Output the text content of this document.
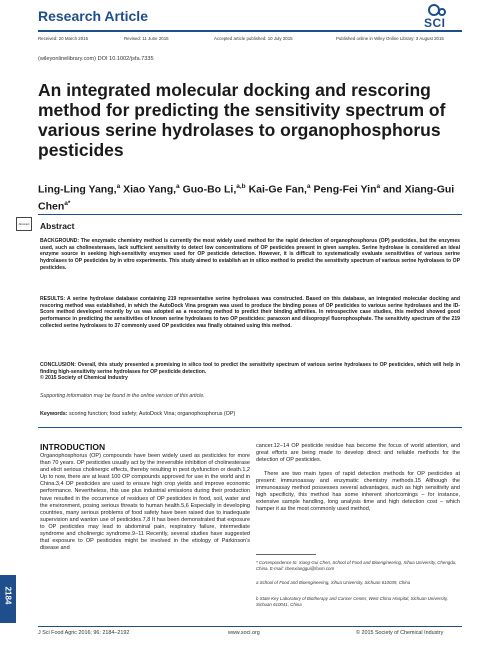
Research Article	SCI
Received: 20 March 2015	Revised: 11 June 2015	Accepted article published: 10 July 2015	Published online in Wiley Online Library: 3 August 2015
(wileyonlinelibrary.com) DOI 10.1002/jsfa.7335
An integrated molecular docking and rescoring method for predicting the sensitivity spectrum of various serine hydrolases to organophosphorus pesticides
Ling-Ling Yang,$^a$ Xiao Yang,$^a$ Guo-Bo Li,$^{a,b}$ Kai-Ge Fan,$^a$ Peng-Fei Yin$^a$ and Xiang-Gui Chen$^{a*}$
Abstract Abstract
BACKGROUND: The enzymatic chemistry method is currently the most widely used method for the rapid detection of organophosphorus (OP) pesticides, but the enzymes used, such as cholinesterases, lack sufficient sensitivity to detect low concentrations of OP pesticides present in given samples. Serine hydrolase is considered an ideal enzyme source in seeking high-sensitivity enzymes used for OP pesticide detection. However, it is difficult to systematically evaluate sensitivities of various serine hydrolases to OP pesticides by in vitro experiments. This study aimed to establish an in silico method to predict the sensitivity spectrum of various serine hydrolases to OP pesticides.
RESULTS: A serine hydrolase database containing 219 representative serine hydrolases was constructed. Based on this database, an integrated molecular docking and rescoring method was established, in which the AutoDock Vina program was used to produce the binding poses of OP pesticides to various serine hydrolases and the ID-Score method developed recently by us was adopted as a rescoring method to predict their binding affinities. In retrospective case studies, this method showed good performance in predicting the sensitivities of known serine hydrolases to two OP pesticides: paraoxon and diisopropyl fluorophosphate. The sensitivity spectrum of the 219 collected serine hydrolases to 37 commonly used OP pesticides was finally obtained using this method.
CONCLUSION: Overall, this study presented a promising in silico tool to predict the sensitivity spectrum of various serine hydrolases to OP pesticides, which will help in finding high-sensitivity serine hydrolases for OP pesticide detection.
© 2015 Society of Chemical Industry
Supporting information may be found in the online version of this article.
Keywords: scoring function; food safety; AutoDock Vina; organophosphorus (OP)
INTRODUCTION
Organophosphorus (OP) compounds have been widely used as pesticides for more than 70 years. OP pesticides usually act by the irreversible inhibition of cholinesterase and elicit serious cholinergic effects, thereby resulting in pest dysfunction or death.1,2 Up to now, there are at least 100 OP compounds approved for use in the world and in China.3,4 OP pesticides are used to ensure high crop yields and improve economic performance. Nevertheless, this use plus industrial emissions during their production have resulted in the occurrence of residues of OP pesticides in food, soil, water and the environment, posing serious threats to human health.5,6 Especially in developing countries, many serious problems of food safety have been raised due to inadequate supervision and wanton use of pesticides.7,8 It has been demonstrated that exposure to OP pesticides may lead to abdominal pain, respiratory failure, intermediate syndrome and cholinergic syndrome.9−11 Recently, several studies have suggested that exposure to OP pesticides might be involved in the etiology of Parkinson's disease and
cancer.12−14 OP pesticide residue has become the focus of world attention, and great efforts are being made to develop direct and reliable methods for the detection of OP pesticides.
There are two main types of rapid detection methods for OP pesticides at present: immunoassay and enzymatic chemistry methods.15 Although the immunoassay method possesses several advantages, such as high sensitivity and high specificity, this method has some inherent shortcomings – for instance, extensive sample handling, long analysis time and high detection cost – which hamper it as the most commonly used method,
* Correspondence to: Xiang-Gui Chen, School of Food and Bioengineering, Xihua University, Chengdu, China. E-mail: chenxianggui@foxm.com
a School of Food and Bioengineering, Xihua University, Sichuan 610039, China
b State Key Laboratory of Biotherapy and Cancer Center, West China Hospital, Sichuan University, Sichuan 610041, China
2184
J Sci Food Agric 2016; 96: 2184–2192	www.soci.org	© 2015 Society of Chemical Industry
